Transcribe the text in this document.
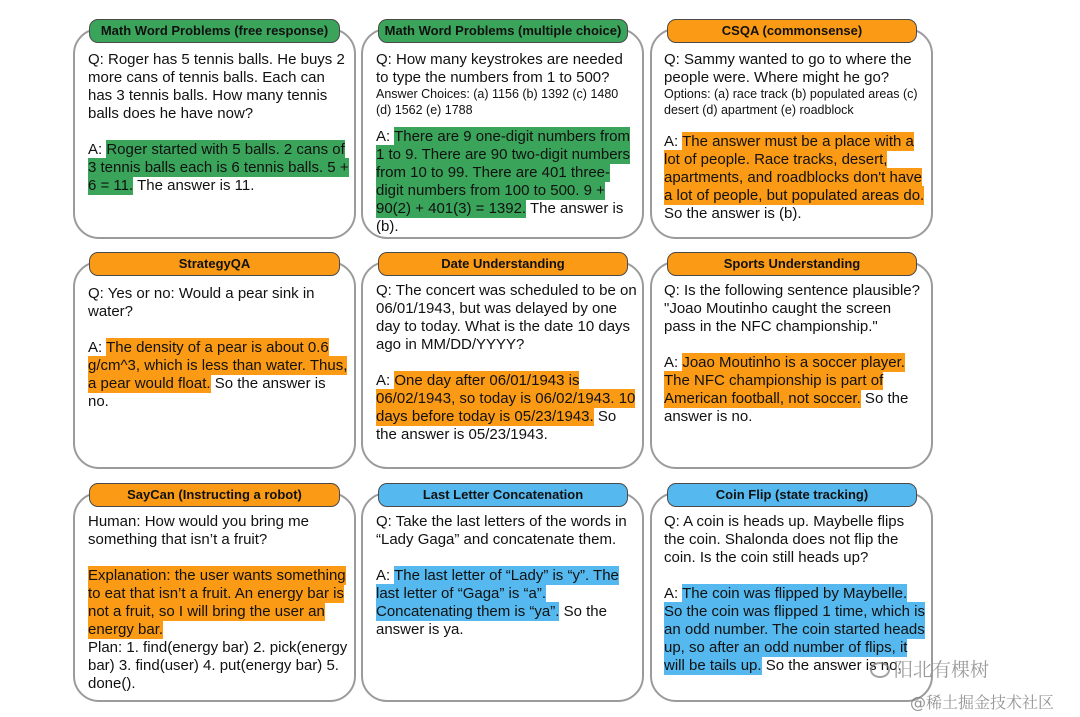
Math Word Problems (free response)

Q: Roger has 5 tennis balls. He buys 2 more cans of tennis balls. Each can has 3 tennis balls. How many tennis balls does he have now?

A: Roger started with 5 balls. 2 cans of 3 tennis balls each is 6 tennis balls. 5 + 6 = 11. The answer is 11.

Math Word Problems (multiple choice)

Q: How many keystrokes are needed to type the numbers from 1 to 500?

Answer Choices: (a) 1156 (b) 1392 (c) 1480 (d) 1562 (e) 1788

A: There are 9 one-digit numbers from 1 to 9. There are 90 two-digit numbers from 10 to 99. There are 401 three-digit numbers from 100 to 500. 9 + 90(2) + 401(3) = 1392. The answer is (b).

CSQA (commonsense)

Q: Sammy wanted to go to where the people were. Where might he go?

Options: (a) race track (b) populated areas (c) desert (d) apartment (e) roadblock

A: The answer must be a place with a lot of people. Race tracks, desert, apartments, and roadblocks don't have a lot of people, but populated areas do. So the answer is (b).

StrategyQA

Q: Yes or no: Would a pear sink in water?

A: The density of a pear is about 0.6 g/cm^3, which is less than water. Thus, a pear would float. So the answer is no.

Date Understanding

Q: The concert was scheduled to be on 06/01/1943, but was delayed by one day to today. What is the date 10 days ago in MM/DD/YYYY?

A: One day after 06/01/1943 is 06/02/1943, so today is 06/02/1943. 10 days before today is 05/23/1943. So the answer is 05/23/1943.

Sports Understanding

Q: Is the following sentence plausible? "Joao Moutinho caught the screen pass in the NFC championship."

A: Joao Moutinho is a soccer player. The NFC championship is part of American football, not soccer. So the answer is no.

SayCan (Instructing a robot)

Human: How would you bring me something that isn’t a fruit?

Explanation: the user wants something to eat that isn’t a fruit. An energy bar is not a fruit, so I will bring the user an energy bar.

Plan: 1. find(energy bar) 2. pick(energy bar) 3. find(user) 4. put(energy bar) 5. done().

Last Letter Concatenation

Q: Take the last letters of the words in “Lady Gaga” and concatenate them.

A: The last letter of “Lady” is “y”. The last letter of “Gaga” is “a”. Concatenating them is “ya”. So the answer is ya.

Coin Flip (state tracking)

Q: A coin is heads up. Maybelle flips the coin. Shalonda does not flip the coin. Is the coin still heads up?

A: The coin was flipped by Maybelle. So the coin was flipped 1 time, which is an odd number. The coin started heads up, so after an odd number of flips, it will be tails up. So the answer is no.

阳北有棵树
@稀土掘金技术社区
